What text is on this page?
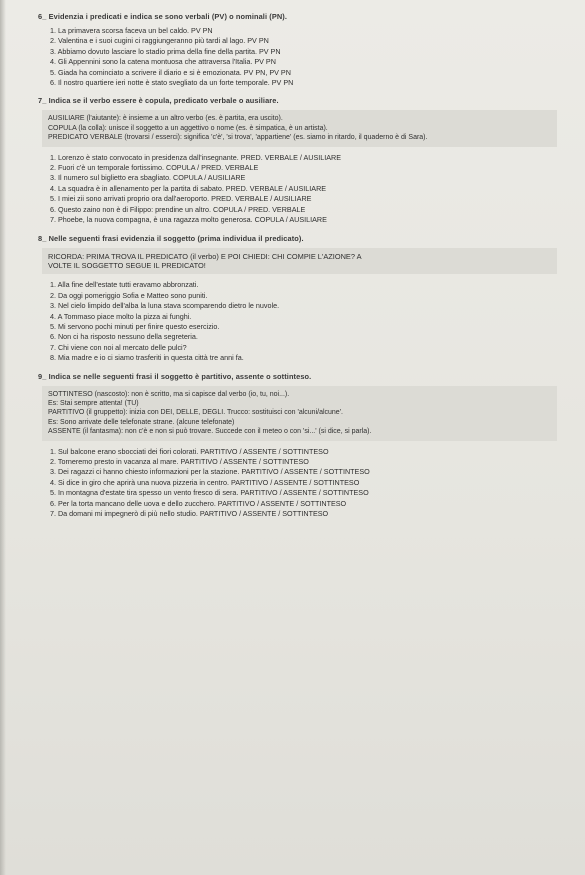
6_ Evidenzia i predicati e indica se sono verbali (PV) o nominali (PN).
1. La primavera scorsa faceva un bel caldo. PV PN
2. Valentina e i suoi cugini ci raggiungeranno più tardi al lago. PV PN
3. Abbiamo dovuto lasciare lo stadio prima della fine della partita. PV PN
4. Gli Appennini sono la catena montuosa che attraversa l'Italia. PV PN
5. Giada ha cominciato a scrivere il diario e si è emozionata. PV PN, PV PN
6. Il nostro quartiere ieri notte è stato svegliato da un forte temporale. PV PN
7_ Indica se il verbo essere è copula, predicato verbale o ausiliare.

AUSILIARE (l'aiutante): è insieme a un altro verbo (es. è partita, era uscito).

COPULA (la colla): unisce il soggetto a un aggettivo o nome (es. è simpatica, è un artista).

PREDICATO VERBALE (trovarsi / esserci): significa 'c'è', 'si trova', 'appartiene' (es. siamo in ritardo, il quaderno è di Sara).

1. Lorenzo è stato convocato in presidenza dall'insegnante. PRED. VERBALE / AUSILIARE
2. Fuori c'è un temporale fortissimo. COPULA / PRED. VERBALE
3. Il numero sul biglietto era sbagliato. COPULA / AUSILIARE
4. La squadra è in allenamento per la partita di sabato. PRED. VERBALE / AUSILIARE
5. I miei zii sono arrivati proprio ora dall'aeroporto. PRED. VERBALE / AUSILIARE
6. Questo zaino non è di Filippo: prendine un altro. COPULA / PRED. VERBALE
7. Phoebe, la nuova compagna, è una ragazza molto generosa. COPULA / AUSILIARE
8_ Nelle seguenti frasi evidenzia il soggetto (prima individua il predicato).

RICORDA: PRIMA TROVA IL PREDICATO (il verbo) E POI CHIEDI: CHI COMPIE L'AZIONE? A

VOLTE IL SOGGETTO SEGUE IL PREDICATO!

1. Alla fine dell'estate tutti eravamo abbronzati.
2. Da oggi pomeriggio Sofia e Matteo sono puniti.
3. Nel cielo limpido dell'alba la luna stava scomparendo dietro le nuvole.
4. A Tommaso piace molto la pizza ai funghi.
5. Mi servono pochi minuti per finire questo esercizio.
6. Non ci ha risposto nessuno della segreteria.
7. Chi viene con noi al mercato delle pulci?
8. Mia madre e io ci siamo trasferiti in questa città tre anni fa.
9_ Indica se nelle seguenti frasi il soggetto è partitivo, assente o sottinteso.

SOTTINTESO (nascosto): non è scritto, ma si capisce dal verbo (io, tu, noi...).

Es: Stai sempre attenta! (TU)

PARTITIVO (il gruppetto): inizia con DEI, DELLE, DEGLI. Trucco: sostituisci con 'alcuni/alcune'.

Es: Sono arrivate delle telefonate strane. (alcune telefonate)

ASSENTE (il fantasma): non c'è e non si può trovare. Succede con il meteo o con 'si...' (si dice, si parla).

1. Sul balcone erano sbocciati dei fiori colorati. PARTITIVO / ASSENTE / SOTTINTESO
2. Torneremo presto in vacanza al mare. PARTITIVO / ASSENTE / SOTTINTESO
3. Dei ragazzi ci hanno chiesto informazioni per la stazione. PARTITIVO / ASSENTE / SOTTINTESO
4. Si dice in giro che aprirà una nuova pizzeria in centro. PARTITIVO / ASSENTE / SOTTINTESO
5. In montagna d'estate tira spesso un vento fresco di sera. PARTITIVO / ASSENTE / SOTTINTESO
6. Per la torta mancano delle uova e dello zucchero. PARTITIVO / ASSENTE / SOTTINTESO
7. Da domani mi impegnerò di più nello studio. PARTITIVO / ASSENTE / SOTTINTESO
